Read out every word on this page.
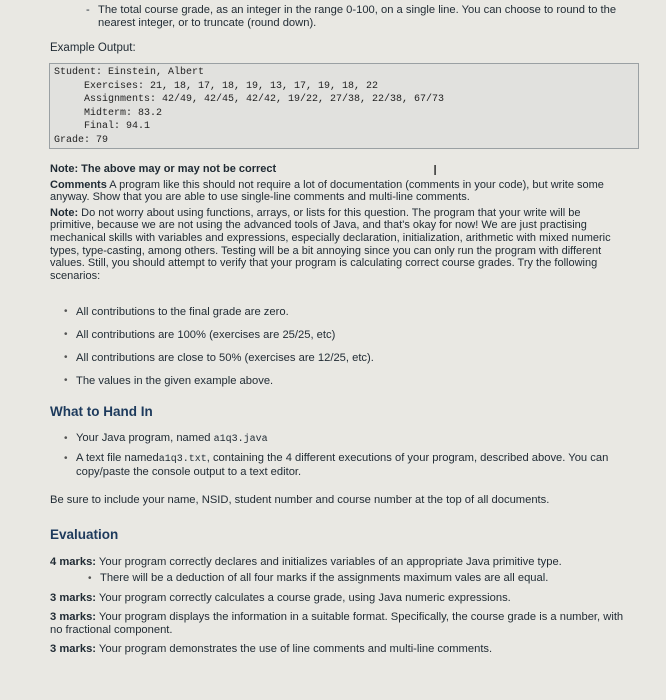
- The total course grade, as an integer in the range 0-100, on a single line. You can choose to round to the nearest integer, or to truncate (round down).
Example Output:
Student: Einstein, Albert
Exercises: 21, 18, 17, 18, 19, 13, 17, 19, 18, 22
Assignments: 42/49, 42/45, 42/42, 19/22, 27/38, 22/38, 67/73
Midterm: 83.2
Final: 94.1
Grade: 79
I

Note: The above may or may not be correct

Comments A program like this should not require a lot of documentation (comments in your code), but write some anyway. Show that you are able to use single-line comments and multi-line comments.

Note: Do not worry about using functions, arrays, or lists for this question. The program that your write will be primitive, because we are not using the advanced tools of Java, and that's okay for now! We are just practising mechanical skills with variables and expressions, especially declaration, initialization, arithmetic with mixed numeric types, type-casting, among others. Testing will be a bit annoying since you can only run the program with different values. Still, you should attempt to verify that your program is calculating correct course grades. Try the following scenarios:

• All contributions to the final grade are zero.
• All contributions are 100% (exercises are 25/25, etc)
• All contributions are close to 50% (exercises are 12/25, etc).
• The values in the given example above.
What to Hand In
• Your Java program, named a1q3.java
• A text file nameda1q3.txt, containing the 4 different executions of your program, described above. You can copy/paste the console output to a text editor.
Be sure to include your name, NSID, student number and course number at the top of all documents.
Evaluation
4 marks: Your program correctly declares and initializes variables of an appropriate Java primitive type.
• There will be a deduction of all four marks if the assignments maximum vales are all equal.
3 marks: Your program correctly calculates a course grade, using Java numeric expressions.
3 marks: Your program displays the information in a suitable format. Specifically, the course grade is a number, with no fractional component.
3 marks: Your program demonstrates the use of line comments and multi-line comments.
